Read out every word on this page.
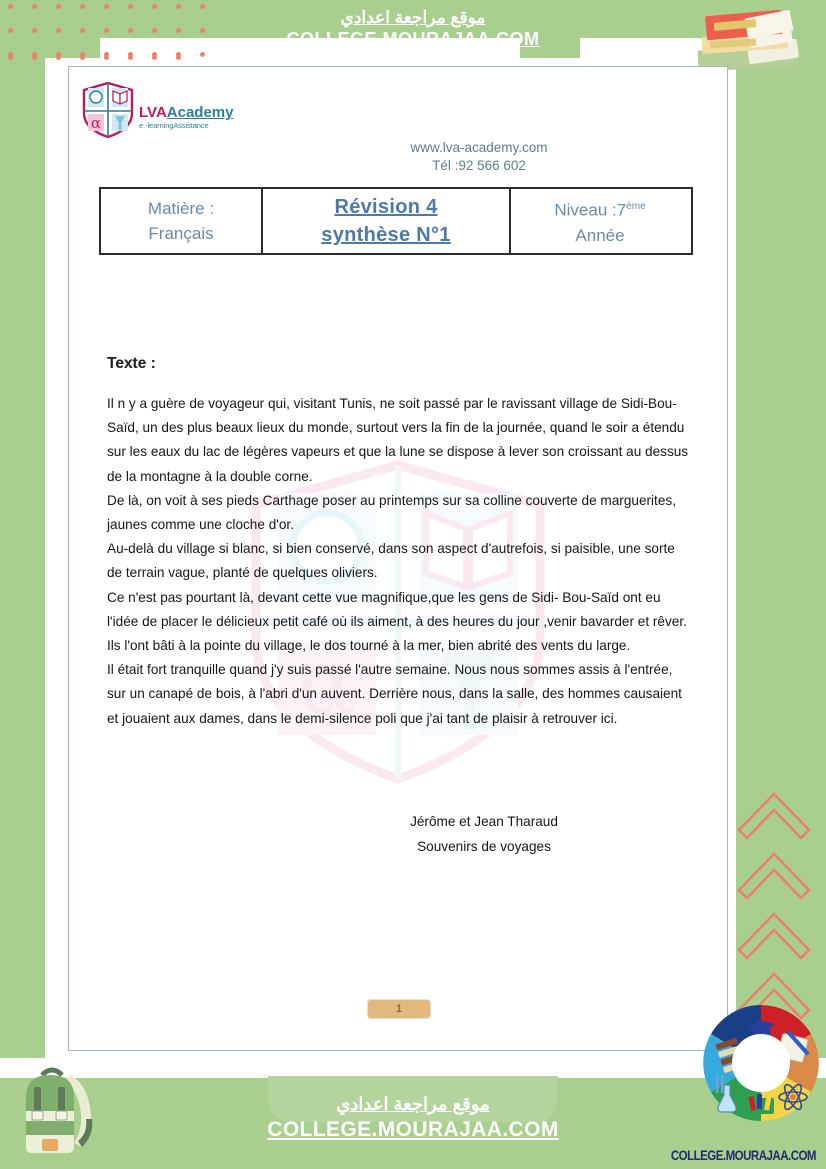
موقع مراجعة اعدادي
COLLEGE.MOURAJAA.COM
α
α
LVAAcademy
e -learningAssistance
www.lva-academy.com
Tél :92 566 602
Matière :
Français
Révision 4
synthèse N°1
Niveau :7ème
Année
Texte :

Il n y a guère de voyageur qui, visitant Tunis, ne soit passé par le ravissant village de Sidi-Bou-Saïd, un des plus beaux lieux du monde, surtout vers la fin de la journée, quand le soir a étendu sur les eaux du lac de légères vapeurs et que la lune se dispose à lever son croissant au dessus de la montagne à la double corne.

De là, on voit à ses pieds Carthage poser au printemps sur sa colline couverte de marguerites, jaunes comme une cloche d'or.

Au-delà du village si blanc, si bien conservé, dans son aspect d'autrefois, si paisible, une sorte de terrain vague, planté de quelques oliviers.

Ce n'est pas pourtant là, devant cette vue magnifique,que les gens de Sidi- Bou-Saïd ont eu l'idée de placer le délicieux petit café où ils aiment, à des heures du jour ,venir bavarder et rêver. Ils l'ont bâti à la pointe du village, le dos tourné à la mer, bien abrité des vents du large.

Il était fort tranquille quand j'y suis passé l'autre semaine. Nous nous sommes assis à l'entrée, sur un canapé de bois, à l'abri d'un auvent. Derrière nous, dans la salle, des hommes causaient et jouaient aux dames, dans le demi-silence poli que j'ai tant de plaisir à retrouver ici.

Jérôme et Jean Tharaud
Souvenirs de voyages
1
موقع مراجعة اعدادي
COLLEGE.MOURAJAA.COM
COLLEGE.MOURAJAA.COM
